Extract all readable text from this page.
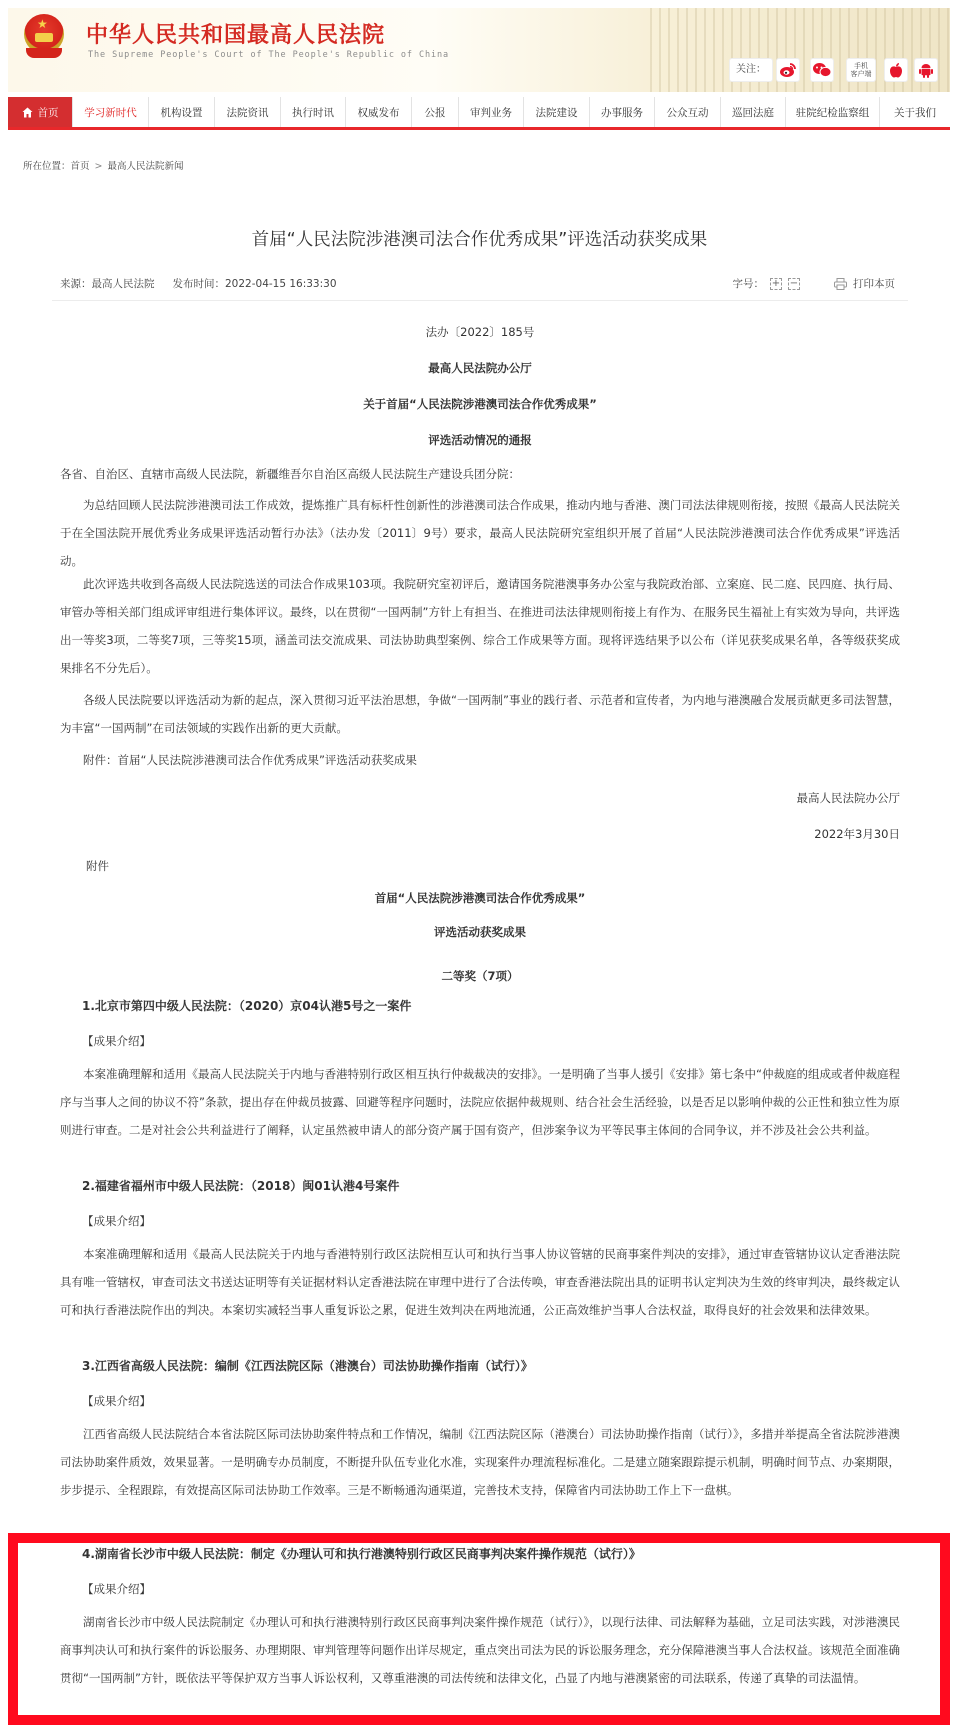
★ 中华人民共和国最高人民法院
The Supreme People's Court of The People's Republic of China
关注：	手机
客户端
首页	学习新时代	机构设置	法院资讯	执行时讯	权威发布	公报	审判业务	法院建设	办事服务	公众互动	巡回法庭	驻院纪检监察组	关于我们
所在位置：首页 > 最高人民法院新闻
首届“人民法院涉港澳司法合作优秀成果”评选活动获奖成果
来源：最高人民法院 发布时间：2022-04-15 16:33:30	字号： + −	打印本页
法办〔2022〕185号
最高人民法院办公厅
关于首届“人民法院涉港澳司法合作优秀成果”
评选活动情况的通报
各省、自治区、直辖市高级人民法院，新疆维吾尔自治区高级人民法院生产建设兵团分院：
为总结回顾人民法院涉港澳司法工作成效，提炼推广具有标杆性创新性的涉港澳司法合作成果，推动内地与香港、澳门司法法律规则衔接，按照《最高人民法院关于在全国法院开展优秀业务成果评选活动暂行办法》（法办发〔2011〕9号）要求，最高人民法院研究室组织开展了首届“人民法院涉港澳司法合作优秀成果”评选活动。
此次评选共收到各高级人民法院选送的司法合作成果103项。我院研究室初评后，邀请国务院港澳事务办公室与我院政治部、立案庭、民二庭、民四庭、执行局、审管办等相关部门组成评审组进行集体评议。最终，以在贯彻“一国两制”方针上有担当、在推进司法法律规则衔接上有作为、在服务民生福祉上有实效为导向，共评选出一等奖3项，二等奖7项，三等奖15项，涵盖司法交流成果、司法协助典型案例、综合工作成果等方面。现将评选结果予以公布（详见获奖成果名单，各等级获奖成果排名不分先后）。
各级人民法院要以评选活动为新的起点，深入贯彻习近平法治思想，争做“一国两制”事业的践行者、示范者和宣传者，为内地与港澳融合发展贡献更多司法智慧，为丰富“一国两制”在司法领域的实践作出新的更大贡献。
附件：首届“人民法院涉港澳司法合作优秀成果”评选活动获奖成果
最高人民法院办公厅
2022年3月30日
附件
首届“人民法院涉港澳司法合作优秀成果”
评选活动获奖成果
二等奖（7项）
1.北京市第四中级人民法院：（2020）京04认港5号之一案件
【成果介绍】
本案准确理解和适用《最高人民法院关于内地与香港特别行政区相互执行仲裁裁决的安排》。一是明确了当事人援引《安排》第七条中“仲裁庭的组成或者仲裁庭程序与当事人之间的协议不符”条款，提出存在仲裁员披露、回避等程序问题时，法院应依据仲裁规则、结合社会生活经验，以是否足以影响仲裁的公正性和独立性为原则进行审查。二是对社会公共利益进行了阐释，认定虽然被申请人的部分资产属于国有资产，但涉案争议为平等民事主体间的合同争议，并不涉及社会公共利益。
2.福建省福州市中级人民法院：（2018）闽01认港4号案件
【成果介绍】
本案准确理解和适用《最高人民法院关于内地与香港特别行政区法院相互认可和执行当事人协议管辖的民商事案件判决的安排》，通过审查管辖协议认定香港法院具有唯一管辖权，审查司法文书送达证明等有关证据材料认定香港法院在审理中进行了合法传唤，审查香港法院出具的证明书认定判决为生效的终审判决，最终裁定认可和执行香港法院作出的判决。本案切实减轻当事人重复诉讼之累，促进生效判决在两地流通，公正高效维护当事人合法权益，取得良好的社会效果和法律效果。
3.江西省高级人民法院：编制《江西法院区际（港澳台）司法协助操作指南（试行）》
【成果介绍】
江西省高级人民法院结合本省法院区际司法协助案件特点和工作情况，编制《江西法院区际（港澳台）司法协助操作指南（试行）》，多措并举提高全省法院涉港澳司法协助案件质效，效果显著。一是明确专办员制度，不断提升队伍专业化水准，实现案件办理流程标准化。二是建立随案跟踪提示机制，明确时间节点、办案期限，步步提示、全程跟踪，有效提高区际司法协助工作效率。三是不断畅通沟通渠道，完善技术支持，保障省内司法协助工作上下一盘棋。
4.湖南省长沙市中级人民法院：制定《办理认可和执行港澳特别行政区民商事判决案件操作规范（试行）》
【成果介绍】
湖南省长沙市中级人民法院制定《办理认可和执行港澳特别行政区民商事判决案件操作规范（试行）》，以现行法律、司法解释为基础，立足司法实践，对涉港澳民商事判决认可和执行案件的诉讼服务、办理期限、审判管理等问题作出详尽规定，重点突出司法为民的诉讼服务理念，充分保障港澳当事人合法权益。该规范全面准确贯彻“一国两制”方针，既依法平等保护双方当事人诉讼权利，又尊重港澳的司法传统和法律文化，凸显了内地与港澳紧密的司法联系，传递了真挚的司法温情。
